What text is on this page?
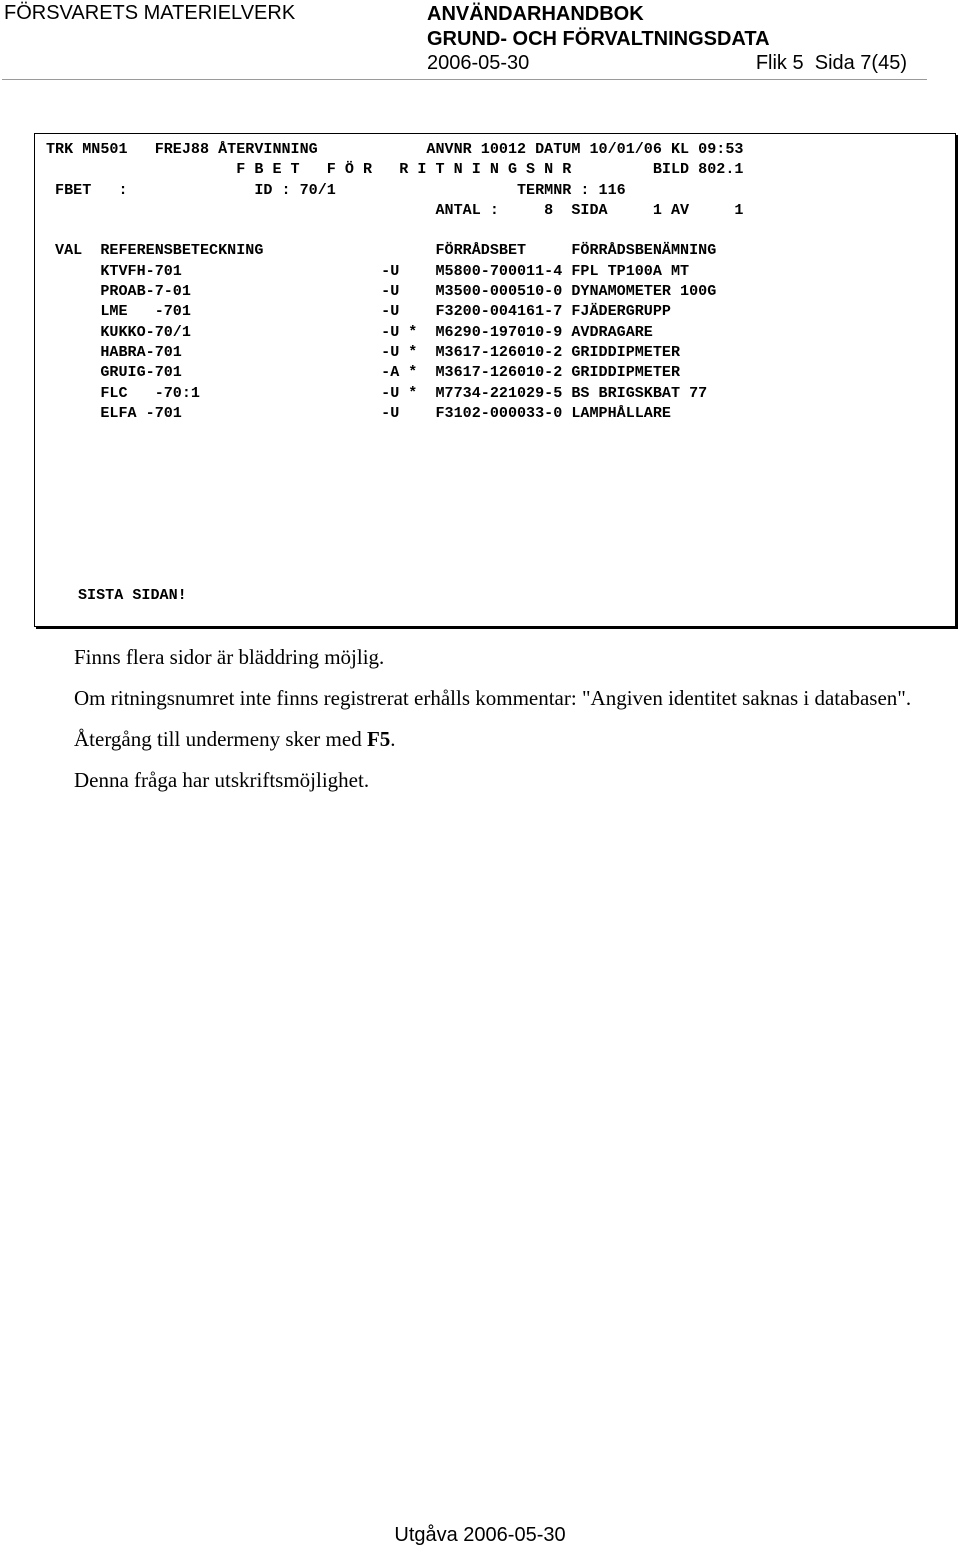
FÖRSVARETS MATERIELVERK	ANVÄNDARHANDBOK
GRUND- OCH FÖRVALTNINGSDATA
2006-05-30	Flik 5  Sida 7(45)
TRK MN501   FREJ88 ÅTERVINNING            ANVNR 10012 DATUM 10/01/06 KL 09:53
F B E T   F Ö R   R I T N I N G S N R         BILD 802.1
FBET   :              ID : 70/1                    TERMNR : 116
ANTAL :     8  SIDA     1 AV     1
VAL  REFERENSBETECKNING                   FÖRRÅDSBET     FÖRRÅDSBENÄMNING
KTVFH-701                      -U    M5800-700011-4 FPL TP100A MT
PROAB-7-01                     -U    M3500-000510-0 DYNAMOMETER 100G
LME   -701                     -U    F3200-004161-7 FJÄDERGRUPP
KUKKO-70/1                     -U *  M6290-197010-9 AVDRAGARE
HABRA-701                      -U *  M3617-126010-2 GRIDDIPMETER
GRUIG-701                      -A *  M3617-126010-2 GRIDDIPMETER
FLC   -70:1                    -U *  M7734-221029-5 BS BRIGSKBAT 77
ELFA -701                      -U    F3102-000033-0 LAMPHÅLLARE
SISTA SIDAN!

Finns flera sidor är bläddring möjlig.

Om ritningsnumret inte finns registrerat erhålls kommentar: "Angiven identitet saknas i databasen".

Återgång till undermeny sker med F5.

Denna fråga har utskriftsmöjlighet.

Utgåva 2006-05-30
